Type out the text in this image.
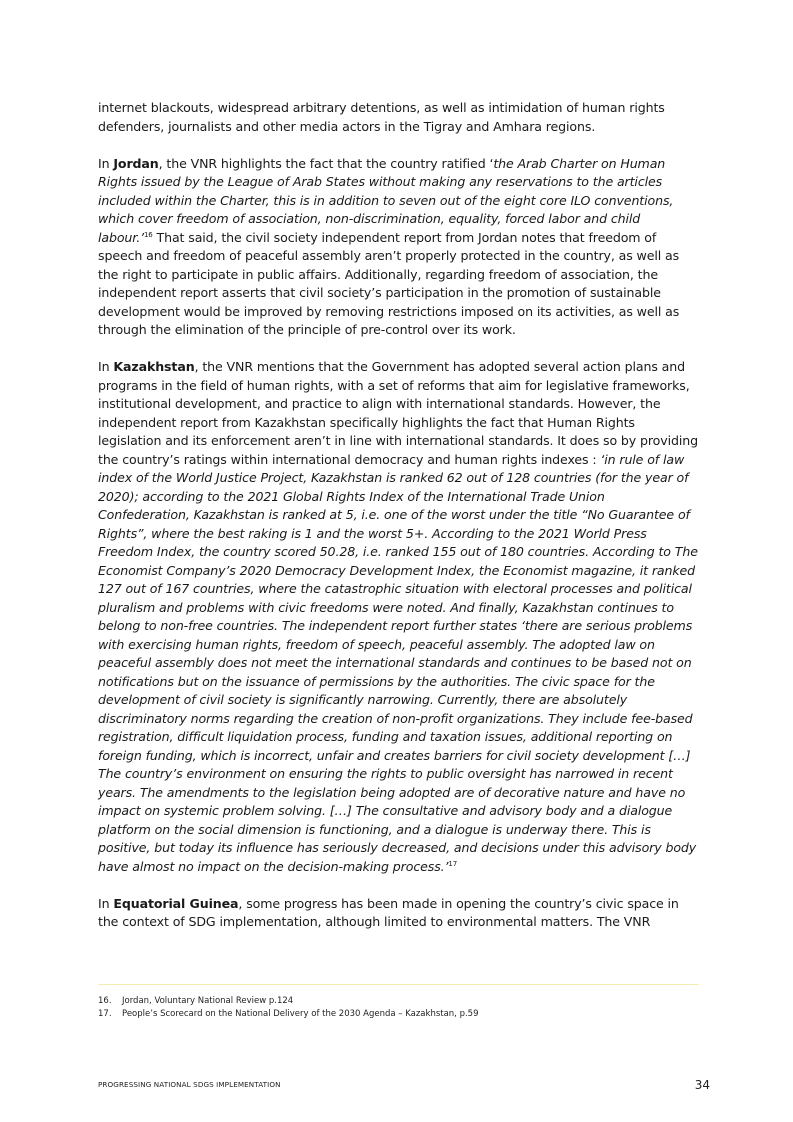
internet blackouts, widespread arbitrary detentions, as well as intimidation of human rights defenders, journalists and other media actors in the Tigray and Amhara regions.

In Jordan, the VNR highlights the fact that the country ratified ‘the Arab Charter on Human Rights issued by the League of Arab States without making any reservations to the articles included within the Charter, this is in addition to seven out of the eight core ILO conventions, which cover freedom of association, non-discrimination, equality, forced labor and child labour.’$^{16}$ That said, the civil society independent report from Jordan notes that freedom of speech and freedom of peaceful assembly aren’t properly protected in the country, as well as the right to participate in public affairs. Additionally, regarding freedom of association, the independent report asserts that civil society’s participation in the promotion of sustainable development would be improved by removing restrictions imposed on its activities, as well as through the elimination of the principle of pre-control over its work.

In Kazakhstan, the VNR mentions that the Government has adopted several action plans and programs in the field of human rights, with a set of reforms that aim for legislative frameworks, institutional development, and practice to align with international standards. However, the independent report from Kazakhstan specifically highlights the fact that Human Rights legislation and its enforcement aren’t in line with international standards. It does so by providing the country’s ratings within international democracy and human rights indexes : ‘in rule of law index of the World Justice Project, Kazakhstan is ranked 62 out of 128 countries (for the year of 2020); according to the 2021 Global Rights Index of the International Trade Union Confederation, Kazakhstan is ranked at 5, i.e. one of the worst under the title “No Guarantee of Rights”, where the best raking is 1 and the worst 5+. According to the 2021 World Press Freedom Index, the country scored 50.28, i.e. ranked 155 out of 180 countries. According to The Economist Company’s 2020 Democracy Development Index, the Economist magazine, it ranked 127 out of 167 countries, where the catastrophic situation with electoral processes and political pluralism and problems with civic freedoms were noted. And finally, Kazakhstan continues to belong to non-free countries. The independent report further states ‘there are serious problems with exercising human rights, freedom of speech, peaceful assembly. The adopted law on peaceful assembly does not meet the international standards and continues to be based not on notifications but on the issuance of permissions by the authorities. The civic space for the development of civil society is significantly narrowing. Currently, there are absolutely discriminatory norms regarding the creation of non-profit organizations. They include fee-based registration, difficult liquidation process, funding and taxation issues, additional reporting on foreign funding, which is incorrect, unfair and creates barriers for civil society development […] The country’s environment on ensuring the rights to public oversight has narrowed in recent years. The amendments to the legislation being adopted are of decorative nature and have no impact on systemic problem solving. […] The consultative and advisory body and a dialogue platform on the social dimension is functioning, and a dialogue is underway there. This is positive, but today its influence has seriously decreased, and decisions under this advisory body have almost no impact on the decision-making process.’$^{17}$

In Equatorial Guinea, some progress has been made in opening the country’s civic space in the context of SDG implementation, although limited to environmental matters. The VNR

16.	Jordan, Voluntary National Review p.124
17.	People’s Scorecard on the National Delivery of the 2030 Agenda – Kazakhstan, p.59
PROGRESSING NATIONAL SDGS IMPLEMENTATION	34
